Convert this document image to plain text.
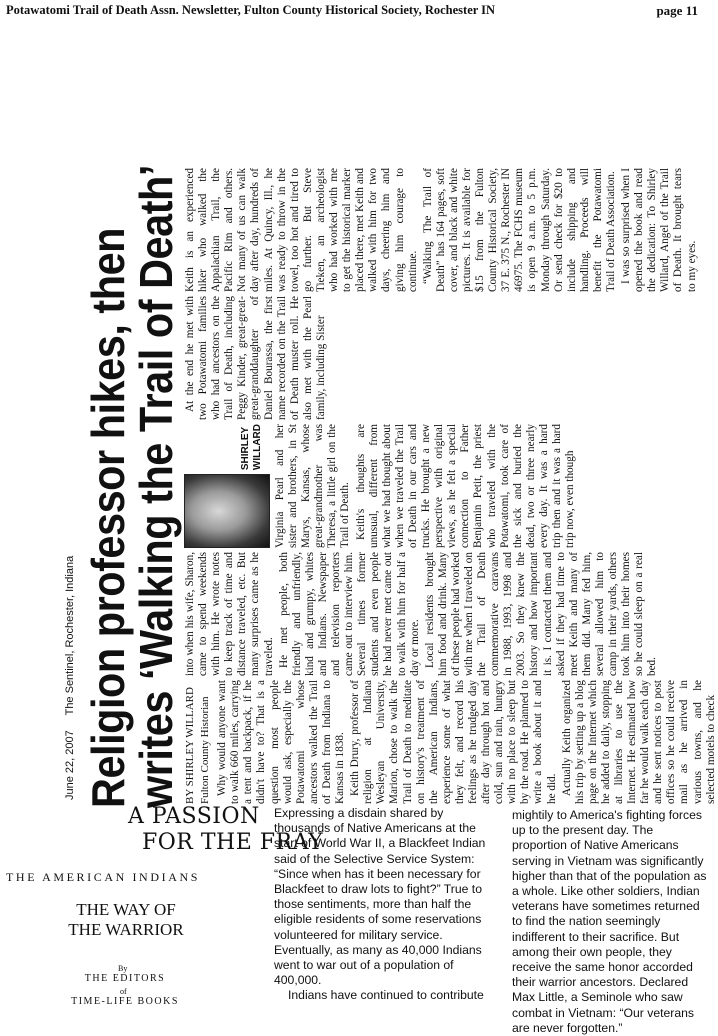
Potawatomi Trail of Death Assn. Newsletter, Fulton County Historical Society, Rochester IN	page 11
June 22, 2007 The Sentinel, Rochester, Indiana Religion professor hikes, then
writes ‘Walking the Trail of Death’ BY SHIRLEY WILLARD Fulton County Historian Why would anyone want to walk 660 miles, carrying a tent and backpack, if he didn't have to? That is a question most people would ask, especially the Potawatomi whose ancestors walked the Trail of Death from Indiana to Kansas in 1838. Keith Drury, professor of religion at Indiana Wesleyan University, Marion, chose to walk the Trail of Death to meditate on history's treatment of the American Indians, experience some of what they felt, and record his feelings as he trudged day after day through hot and cold, sun and rain, hungry with no place to sleep but by the road. He planned to write a book about it and he did. Actually Keith organized his trip by setting up a blog page on the Internet which he added to daily, stopping at libraries to use the Internet. He estimated how far he would walk each day and he sent notices to post offices so he could receive mail as he arrived in various towns, and he selected motels to check

into when his wife, Sharon, came to spend weekends with him. He wrote notes to keep track of time and distance traveled, etc. But many surprises came as he traveled. He met people, both friendly and unfriendly, kind and grumpy, whites and Indians. Newspaper and television reporters came out to interview him. Several times former students and even people he had never met came out to walk with him for half a day or more. Local residents brought him food and drink. Many of these people had worked with me when I traveled on the Trail of Death commemorative caravans in 1988, 1993, 1998 and 2003. So they knew the history and how important it is. I contacted them and asked if they had time to meet Keith and many of them did. Many fed him, several allowed him to camp in their yards, others took him into their homes so he could sleep on a real bed.

SHIRLEY WILLARD Virginia Pearl and her sister and brothers, in St Marys, Kansas, whose great-grandmother was Theresa, a little girl on the Trail of Death. Keith's thoughts are unusual, different from what we had thought about when we traveled the Trail of Death in our cars and trucks. He brought a new perspective with original views, as he felt a special connection to Father Benjamin Petit, the priest who traveled with the Potawatomi, took care of the sick and buried the dead, two or three nearly every day. It was a hard trip then and it was a hard trip now, even though

At the end he met with two Potawatomi families who had ancestors on the Trail of Death, including Peggy Kinder, great-great-great-granddaughter of Daniel Bourassa, the first name recorded on the Trail of Death muster roll. He also met with the Pearl family, including Sister

Keith is an experienced hiker who walked the Appalachian Trail, the Pacific Rim and others. Not many of us can walk day after day, hundreds of miles. At Quincy, Ill., he was ready to throw in the towel, too hot and tired to go further. But Steve Tieken, an archeologist who had worked with me to get the historical marker placed there, met Keith and walked with him for two days, cheering him and giving him courage to continue. “Walking The Trail of Death” has 164 pages, soft cover, and black and white pictures. It is available for $15 from the Fulton County Historical Society, 37 E. 375 N., Rochester IN 46975. The FCHS museum is open 9 a.m. to 5 p.m. Monday through Saturday. Or send check for $20 to include shipping and handling. Proceeds will benefit the Potawatomi Trail of Death Association. I was so surprised when I opened the book and read the dedication: To Shirley Willard, Angel of the Trail of Death. It brought tears to my eyes.

THE AMERICAN INDIANS
THE WAY OF
THE WARRIOR
By
THE EDITORS
of
TIME-LIFE BOOKS
A PASSION
FOR THE FRAY

Expressing a disdain shared by thousands of Native Americans at the start of World War II, a Blackfeet Indian said of the Selective Service System: “Since when has it been necessary for Blackfeet to draw lots to fight?” True to those sentiments, more than half the eligible residents of some reservations volunteered for military service. Eventually, as many as 40,000 Indians went to war out of a population of 400,000.

Indians have continued to contribute

mightily to America's fighting forces up to the present day. The proportion of Native Americans serving in Vietnam was significantly higher than that of the population as a whole. Like other soldiers, Indian veterans have sometimes returned to find the nation seemingly indifferent to their sacrifice. But among their own people, they receive the same honor accorded their warrior ancestors. Declared Max Little, a Seminole who saw combat in Vietnam: “Our veterans are never forgotten.”
